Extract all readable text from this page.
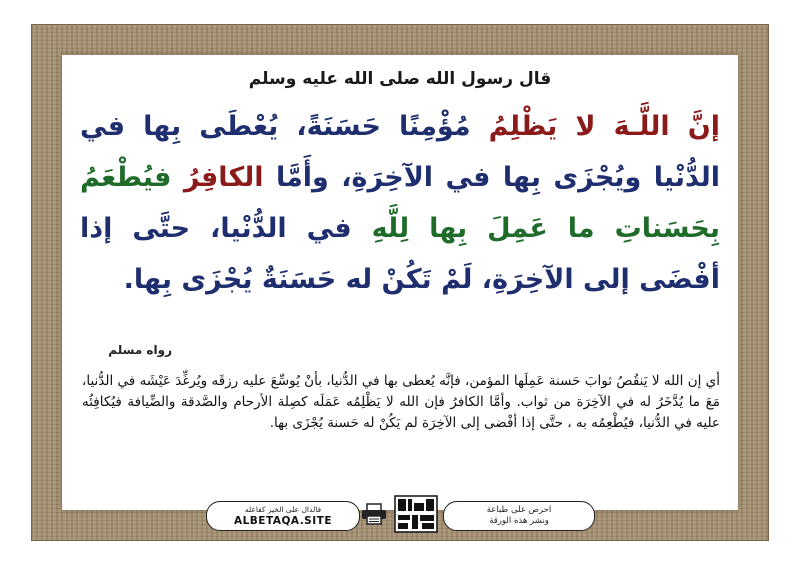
قال رسول الله صلى الله عليه وسلم
إنَّ اللَّـهَ لا يَظْلِمُ مُؤْمِنًا حَسَنَةً، يُعْطَى بِها في الدُّنْيا ويُجْزَى بِها في الآخِرَةِ، وأَمَّا الكافِرُ فيُطْعَمُ بِحَسَناتِ ما عَمِلَ بِها لِلَّهِ في الدُّنْيا، حتَّى إذا أفْضَى إلى الآخِرَةِ، لَمْ تَكُنْ له حَسَنَةٌ يُجْزَى بِها.
رواه مسلم
أي إن الله لا يَنقُصُ ثوابَ حَسنة عَمِلَها المؤمن، فإنَّه يُعطى بها في الدُّنيا، بأنْ يُوسِّعَ عليه رزقَه ويُرغِّدَ عَيْشَه في الدُّنيا، مَعَ ما يُدَّخَرُ له في الآخِرَة من ثواب. وأمَّا الكافرُ فإن الله لا يَظْلِمُه عَمَلَه كصِلة الأرحام والصَّدقة والضِّيافة فيُكافِئُه عليه في الدُّنيا، فيُطْعِمُه به ، حتَّى إذا أفْضى إلى الآخِرَة لم يَكُنْ له حَسنة يُجْزَى بها.
فالدال على الخير كفاعله
ALBETAQA.SITE
احرص على طباعة
ونشر هذه الورقة
